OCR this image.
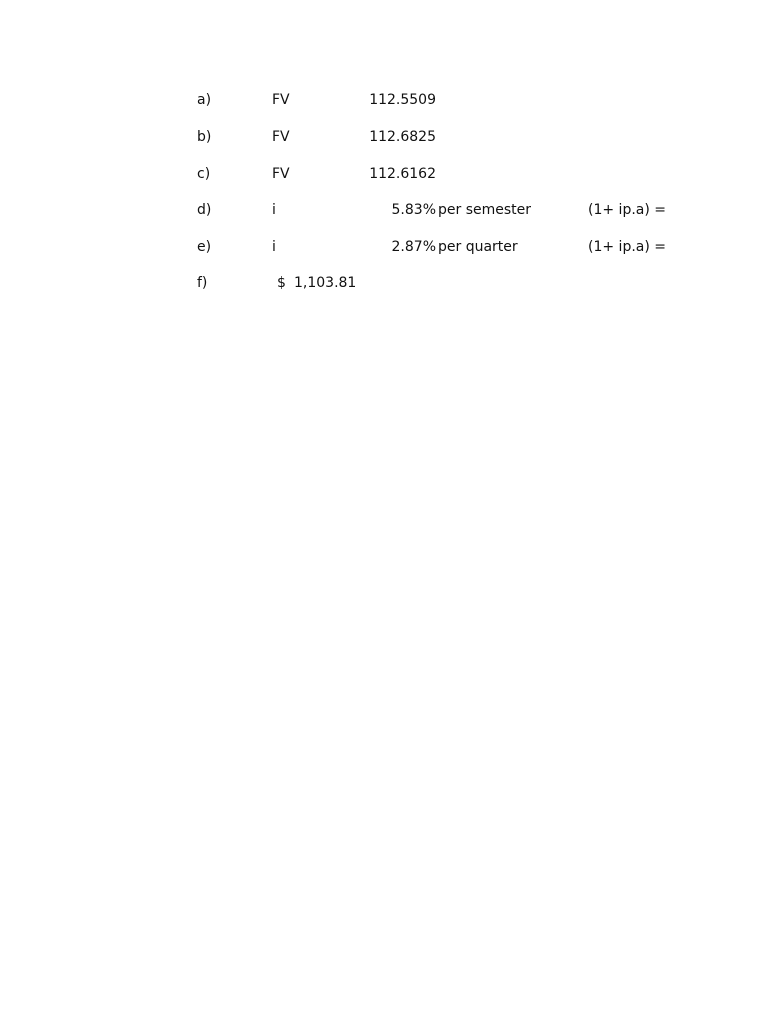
a)	FV	112.5509
b)	FV	112.6825
c)	FV	112.6162
d)	i	5.83% per semester	(1+ ip.a) =
e)	i	2.87% per quarter	(1+ ip.a) =
f)	$ 1,103.81
